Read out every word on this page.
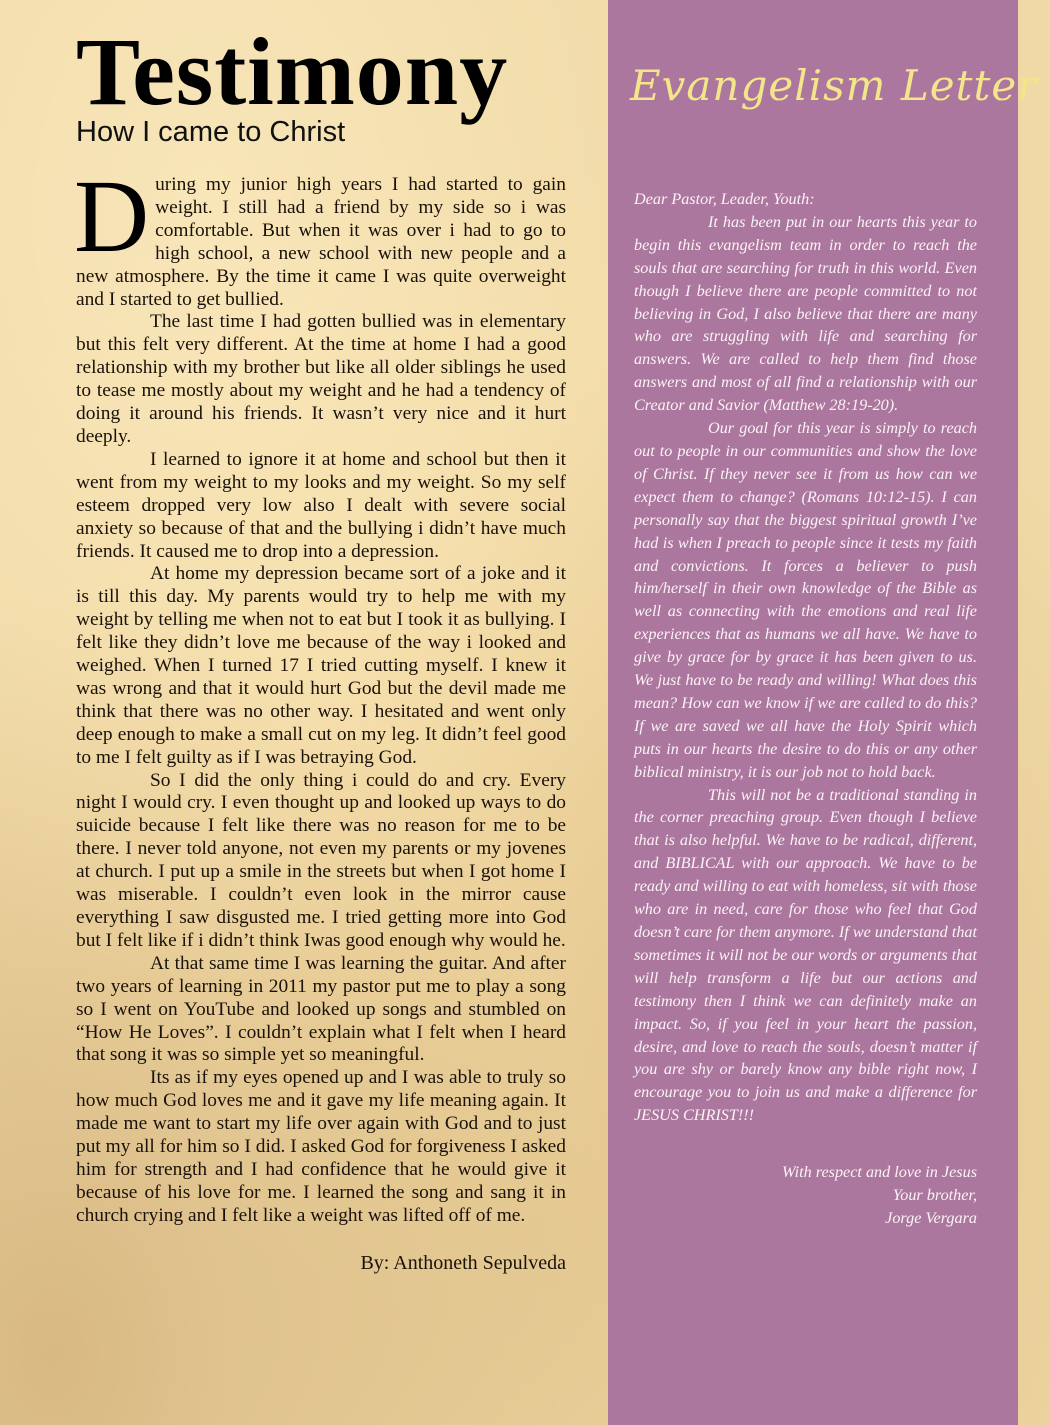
Testimony
How I came to Christ

During my junior high years I had started to gain weight. I still had a friend by my side so i was comfortable. But when it was over i had to go to high school, a new school with new people and a new atmosphere. By the time it came I was quite overweight and I started to get bullied.

The last time I had gotten bullied was in elementary but this felt very different. At the time at home I had a good relationship with my brother but like all older siblings he used to tease me mostly about my weight and he had a tendency of doing it around his friends. It wasn’t very nice and it hurt deeply.

I learned to ignore it at home and school but then it went from my weight to my looks and my weight. So my self esteem dropped very low also I dealt with severe social anxiety so because of that and the bullying i didn’t have much friends. It caused me to drop into a depression.

At home my depression became sort of a joke and it is till this day. My parents would try to help me with my weight by telling me when not to eat but I took it as bullying. I felt like they didn’t love me because of the way i looked and weighed. When I turned 17 I tried cutting myself. I knew it was wrong and that it would hurt God but the devil made me think that there was no other way. I hesitated and went only deep enough to make a small cut on my leg. It didn’t feel good to me I felt guilty as if I was betraying God.

So I did the only thing i could do and cry. Every night I would cry. I even thought up and looked up ways to do suicide because I felt like there was no reason for me to be there. I never told anyone, not even my parents or my jovenes at church. I put up a smile in the streets but when I got home I was miserable. I couldn’t even look in the mirror cause everything I saw disgusted me. I tried getting more into God but I felt like if i didn’t think Iwas good enough why would he.

At that same time I was learning the guitar. And after two years of learning in 2011 my pastor put me to play a song so I went on YouTube and looked up songs and stumbled on “How He Loves”. I couldn’t explain what I felt when I heard that song it was so simple yet so meaningful.

Its as if my eyes opened up and I was able to truly so how much God loves me and it gave my life meaning again. It made me want to start my life over again with God and to just put my all for him so I did. I asked God for forgiveness I asked him for strength and I had confidence that he would give it because of his love for me. I learned the song and sang it in church crying and I felt like a weight was lifted off of me.

By: Anthoneth Sepulveda
Evangelism Letter

Dear Pastor, Leader, Youth:

It has been put in our hearts this year to begin this evangelism team in order to reach the souls that are searching for truth in this world. Even though I believe there are people committed to not believing in God, I also believe that there are many who are struggling with life and searching for answers. We are called to help them find those answers and most of all find a relationship with our Creator and Savior (Matthew 28:19-20).

Our goal for this year is simply to reach out to people in our communities and show the love of Christ. If they never see it from us how can we expect them to change? (Romans 10:12-15). I can personally say that the biggest spiritual growth I’ve had is when I preach to people since it tests my faith and convictions. It forces a believer to push him/herself in their own knowledge of the Bible as well as connecting with the emotions and real life experiences that as humans we all have. We have to give by grace for by grace it has been given to us. We just have to be ready and willing! What does this mean? How can we know if we are called to do this? If we are saved we all have the Holy Spirit which puts in our hearts the desire to do this or any other biblical ministry, it is our job not to hold back.

This will not be a traditional standing in the corner preaching group. Even though I believe that is also helpful. We have to be radical, different, and BIBLICAL with our approach. We have to be ready and willing to eat with homeless, sit with those who are in need, care for those who feel that God doesn’t care for them anymore. If we understand that sometimes it will not be our words or arguments that will help transform a life but our actions and testimony then I think we can definitely make an impact. So, if you feel in your heart the passion, desire, and love to reach the souls, doesn’t matter if you are shy or barely know any bible right now, I encourage you to join us and make a difference for JESUS CHRIST!!!

With respect and love in Jesus
Your brother,
Jorge Vergara
